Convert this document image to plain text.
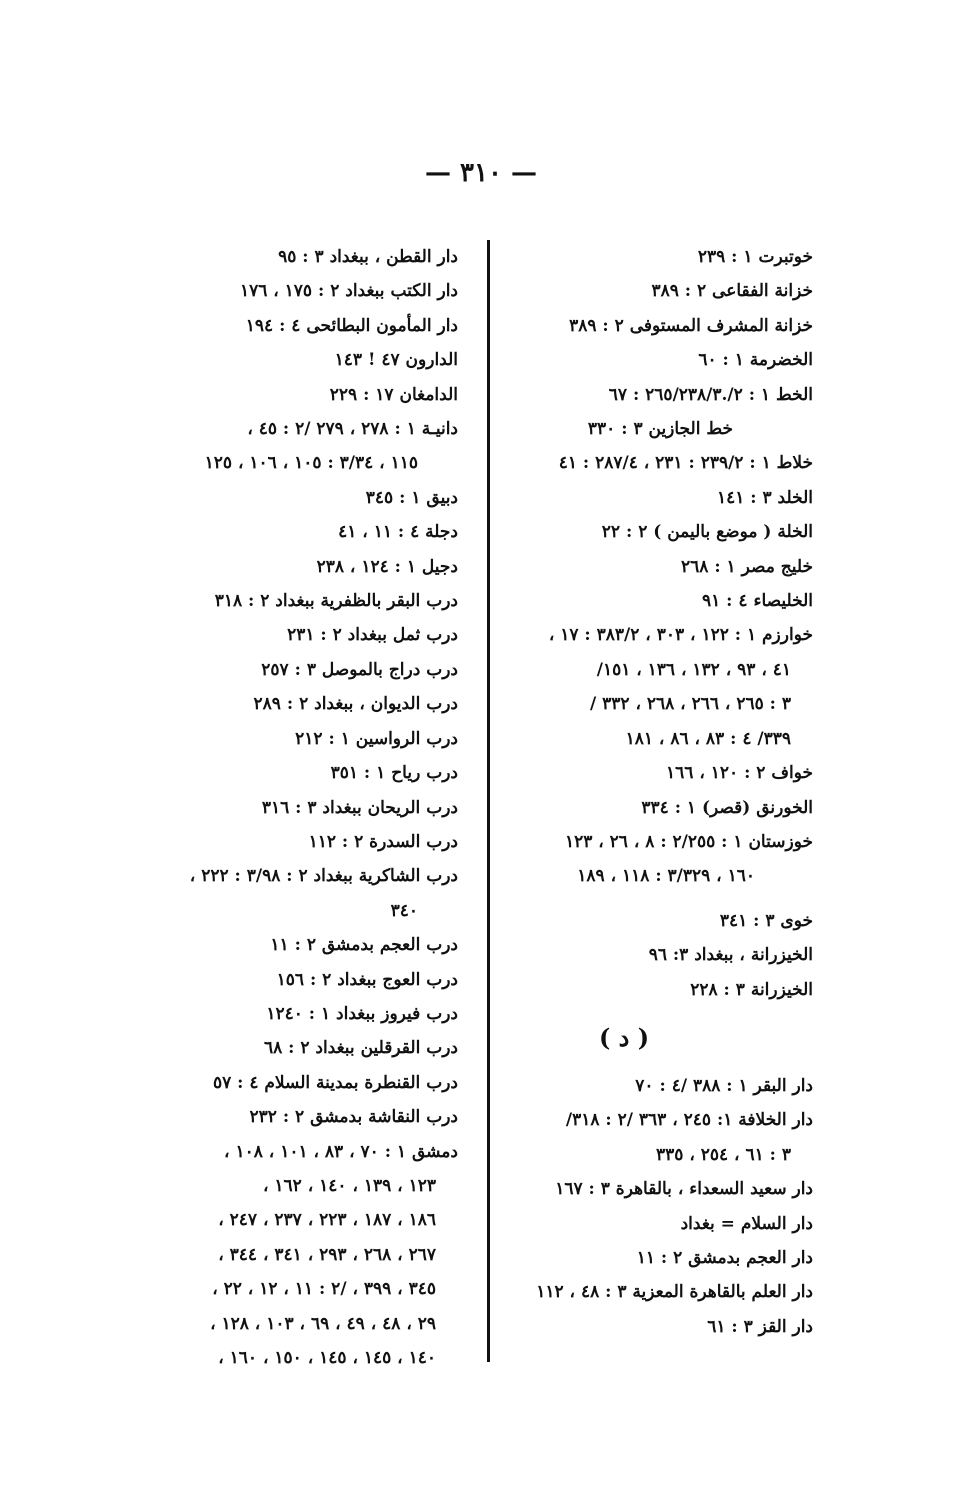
— ٣١٠ —
خوتبرت ١ : ٢٣٩
خزانة الفقاعی ٢ : ٣٨٩
خزانة المشرف المستوفی ٢ : ٣٨٩
الخضرمة ١ : ٦٠
الخط ١ : ٢/.٢٦٥/٢٣٨/٣ : ٦٧
خط الجازين ٣ : ٣٣٠
خلاط ١ : ٢٣٩/٢ : ٢٣١ ، ٢٨٧/٤ : ٤١
الخلد ٣ : ١٤١
الخلة ( موضع باليمن ) ٢ : ٢٢
خليج مصر ١ : ٢٦٨
الخليصاء ٤ : ٩١
خوارزم ١ : ١٢٢ ، ٣٠٣ ، ٣٨٣/٢ : ١٧ ،
٤١ ، ٩٣ ، ١٣٢ ، ١٣٦ ، ١٥١/
٣ : ٢٦٥ ، ٢٦٦ ، ٢٦٨ ، ٣٣٢ /
٣٣٩/ ٤ : ٨٣ ، ٨٦ ، ١٨١
خواف ٢ : ١٢٠ ، ١٦٦
الخورنق (قصر) ١ : ٣٣٤
خوزستان ١ : ٢/٢٥٥ : ٨ ، ٢٦ ، ١٢٣
١٦٠ ، ٣/٣٢٩ : ١١٨ ، ١٨٩
خوی ٣ : ٣٤١
الخيزرانة ، ببغداد ٣: ٩٦
الخيزرانة ٣ : ٢٢٨
( د )
دار البقر ١ : ٣٨٨ /٤ : ٧٠
دار الخلافة ١: ٢٤٥ ، ٣٦٣ /٢ : ٣١٨/
٣ : ٦١ ، ٢٥٤ ، ٣٣٥
دار سعيد السعداء ، بالقاهرة ٣ : ١٦٧
دار السلام = بغداد
دار العجم بدمشق ٢ : ١١
دار العلم بالقاهرة المعزية ٣ : ٤٨ ، ١١٢
دار القز ٣ : ٦١
دار القطن ، ببغداد ٣ : ٩٥
دار الكتب ببغداد ٢ : ١٧٥ ، ١٧٦
دار المأمون البطائحی ٤ : ١٩٤
الدارون ٤٧ ! ١٤٣
الدامغان ١٧ : ٢٢٩
دانيـة ١ : ٢٧٨ ، ٢٧٩ /٢ : ٤٥ ،
١١٥ ، ٣/٣٤ : ١٠٥ ، ١٠٦ ، ١٢٥
دبيق ١ : ٣٤٥
دجلة ٤ : ١١ ، ٤١
دجيل ١ : ١٢٤ ، ٢٣٨
درب البقر بالظفرية ببغداد ٢ : ٣١٨
درب ثمل ببغداد ٢ : ٢٣١
درب دراج بالموصل ٣ : ٢٥٧
درب الديوان ، ببغداد ٢ : ٢٨٩
درب الرواسين ١ : ٢١٢
درب رياح ١ : ٣٥١
درب الريحان ببغداد ٣ : ٣١٦
درب السدرة ٢ : ١١٢
درب الشاكرية ببغداد ٢ : ٣/٩٨ : ٢٢٢ ،
٣٤٠
درب العجم بدمشق ٢ : ١١
درب العوج ببغداد ٢ : ١٥٦
درب فيروز ببغداد ١ : ١٢٤٠
درب القرقلين ببغداد ٢ : ٦٨
درب القنطرة بمدينة السلام ٤ : ٥٧
درب النقاشة بدمشق ٢ : ٢٣٢
دمشق ١ : ٧٠ ، ٨٣ ، ١٠١ ، ١٠٨ ،
١٢٣ ، ١٣٩ ، ١٤٠ ، ١٦٢ ،
١٨٦ ، ١٨٧ ، ٢٢٣ ، ٢٣٧ ، ٢٤٧ ،
٢٦٧ ، ٢٦٨ ، ٢٩٣ ، ٣٤١ ، ٣٤٤ ،
٣٤٥ ، ٣٩٩ ، /٢ : ١١ ، ١٢ ، ٢٢ ،
٢٩ ، ٤٨ ، ٤٩ ، ٦٩ ، ١٠٣ ، ١٢٨ ،
١٤٠ ، ١٤٥ ، ١٤٥ ، ١٥٠ ، ١٦٠ ،
